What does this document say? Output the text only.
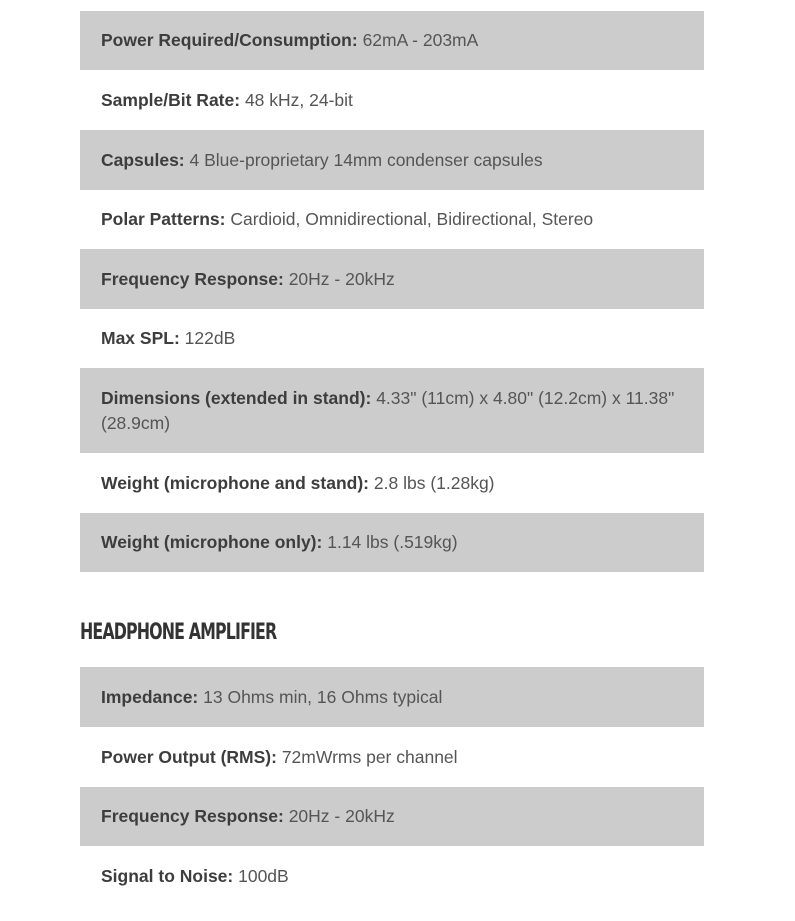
Power Required/Consumption: 62mA - 203mA
Sample/Bit Rate: 48 kHz, 24-bit
Capsules: 4 Blue-proprietary 14mm condenser capsules
Polar Patterns: Cardioid, Omnidirectional, Bidirectional, Stereo
Frequency Response: 20Hz - 20kHz
Max SPL: 122dB
Dimensions (extended in stand): 4.33" (11cm) x 4.80" (12.2cm) x 11.38" (28.9cm)
Weight (microphone and stand): 2.8 lbs (1.28kg)
Weight (microphone only): 1.14 lbs (.519kg)
HEADPHONE AMPLIFIER
Impedance: 13 Ohms min, 16 Ohms typical
Power Output (RMS): 72mWrms per channel
Frequency Response: 20Hz - 20kHz
Signal to Noise: 100dB
